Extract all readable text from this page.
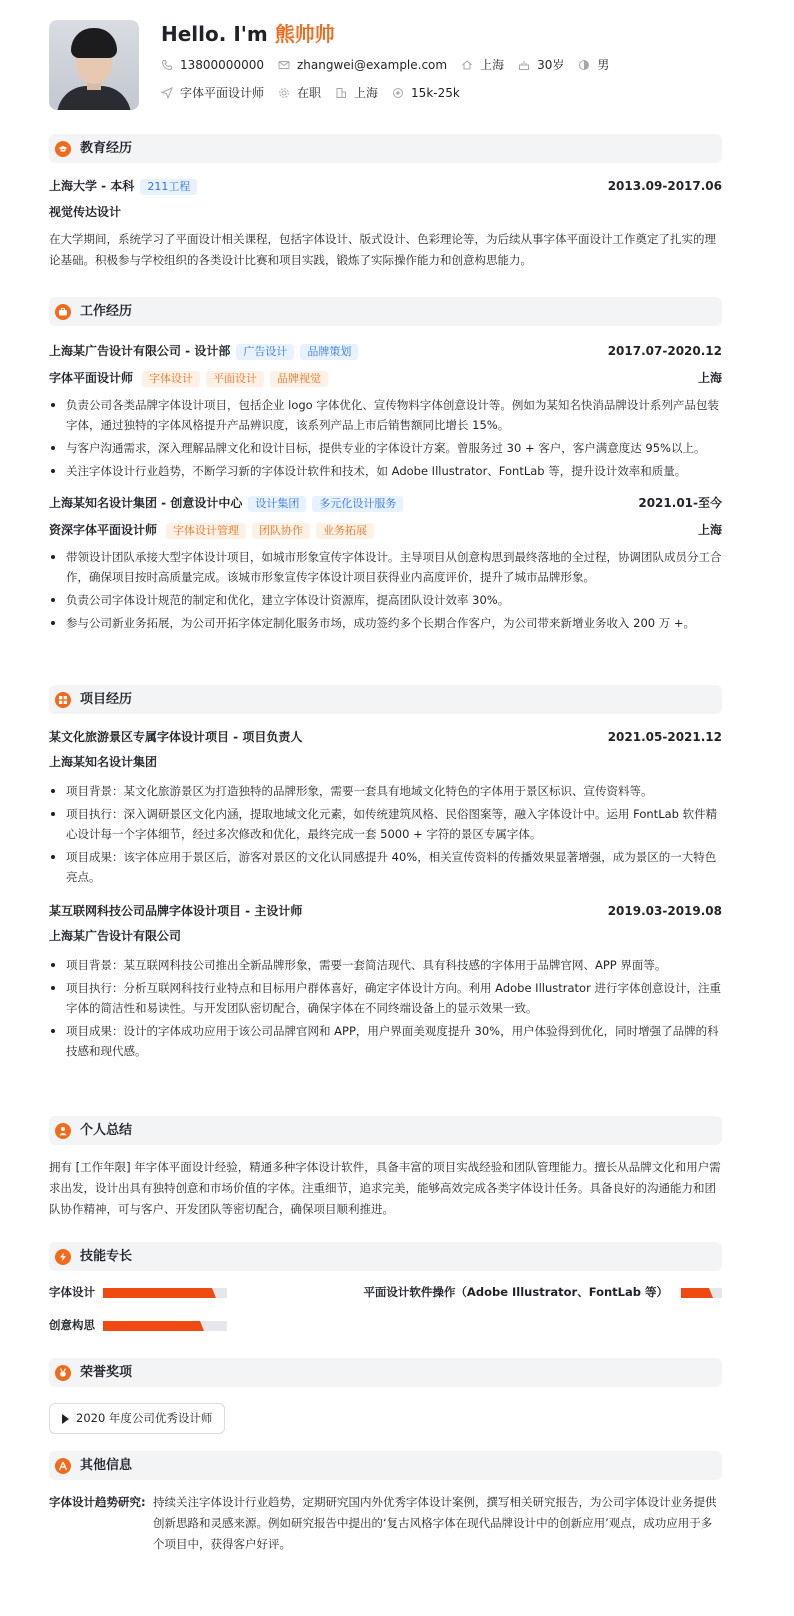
Hello. I'm 熊帅帅
13800000000	zhangwei@example.com	上海	30岁	男
字体平面设计师	在职	上海	15k-25k
教育经历
上海大学 - 本科 211工程	2013.09-2017.06
视觉传达设计
在大学期间，系统学习了平面设计相关课程，包括字体设计、版式设计、色彩理论等，为后续从事字体平面设计工作奠定了扎实的理论基础。积极参与学校组织的各类设计比赛和项目实践，锻炼了实际操作能力和创意构思能力。
工作经历
上海某广告设计有限公司 - 设计部 广告设计 品牌策划	2017.07-2020.12
字体平面设计师 字体设计 平面设计 品牌视觉	上海
负责公司各类品牌字体设计项目，包括企业 logo 字体优化、宣传物料字体创意设计等。例如为某知名快消品牌设计系列产品包装字体，通过独特的字体风格提升产品辨识度，该系列产品上市后销售额同比增长 15%。
与客户沟通需求，深入理解品牌文化和设计目标，提供专业的字体设计方案。曾服务过 30 + 客户，客户满意度达 95%以上。
关注字体设计行业趋势，不断学习新的字体设计软件和技术，如 Adobe Illustrator、FontLab 等，提升设计效率和质量。
上海某知名设计集团 - 创意设计中心 设计集团 多元化设计服务	2021.01-至今
资深字体平面设计师 字体设计管理 团队协作 业务拓展	上海
带领设计团队承接大型字体设计项目，如城市形象宣传字体设计。主导项目从创意构思到最终落地的全过程，协调团队成员分工合作，确保项目按时高质量完成。该城市形象宣传字体设计项目获得业内高度评价，提升了城市品牌形象。
负责公司字体设计规范的制定和优化，建立字体设计资源库，提高团队设计效率 30%。
参与公司新业务拓展，为公司开拓字体定制化服务市场，成功签约多个长期合作客户，为公司带来新增业务收入 200 万 +。
项目经历
某文化旅游景区专属字体设计项目 - 项目负责人	2021.05-2021.12
上海某知名设计集团
项目背景：某文化旅游景区为打造独特的品牌形象，需要一套具有地域文化特色的字体用于景区标识、宣传资料等。
项目执行：深入调研景区文化内涵，提取地域文化元素，如传统建筑风格、民俗图案等，融入字体设计中。运用 FontLab 软件精心设计每一个字体细节，经过多次修改和优化，最终完成一套 5000 + 字符的景区专属字体。
项目成果：该字体应用于景区后，游客对景区的文化认同感提升 40%，相关宣传资料的传播效果显著增强，成为景区的一大特色亮点。
某互联网科技公司品牌字体设计项目 - 主设计师	2019.03-2019.08
上海某广告设计有限公司
项目背景：某互联网科技公司推出全新品牌形象，需要一套简洁现代、具有科技感的字体用于品牌官网、APP 界面等。
项目执行：分析互联网科技行业特点和目标用户群体喜好，确定字体设计方向。利用 Adobe Illustrator 进行字体创意设计，注重字体的简洁性和易读性。与开发团队密切配合，确保字体在不同终端设备上的显示效果一致。
项目成果：设计的字体成功应用于该公司品牌官网和 APP，用户界面美观度提升 30%，用户体验得到优化，同时增强了品牌的科技感和现代感。
个人总结
拥有 [工作年限] 年字体平面设计经验，精通多种字体设计软件，具备丰富的项目实战经验和团队管理能力。擅长从品牌文化和用户需求出发，设计出具有独特创意和市场价值的字体。注重细节，追求完美，能够高效完成各类字体设计任务。具备良好的沟通能力和团队协作精神，可与客户、开发团队等密切配合，确保项目顺利推进。
技能专长
字体设计	平面设计软件操作（Adobe Illustrator、FontLab 等）
创意构思
荣誉奖项
2020 年度公司优秀设计师
其他信息
字体设计趋势研究: 持续关注字体设计行业趋势，定期研究国内外优秀字体设计案例，撰写相关研究报告，为公司字体设计业务提供创新思路和灵感来源。例如研究报告中提出的‘复古风格字体在现代品牌设计中的创新应用’观点，成功应用于多个项目中，获得客户好评。
